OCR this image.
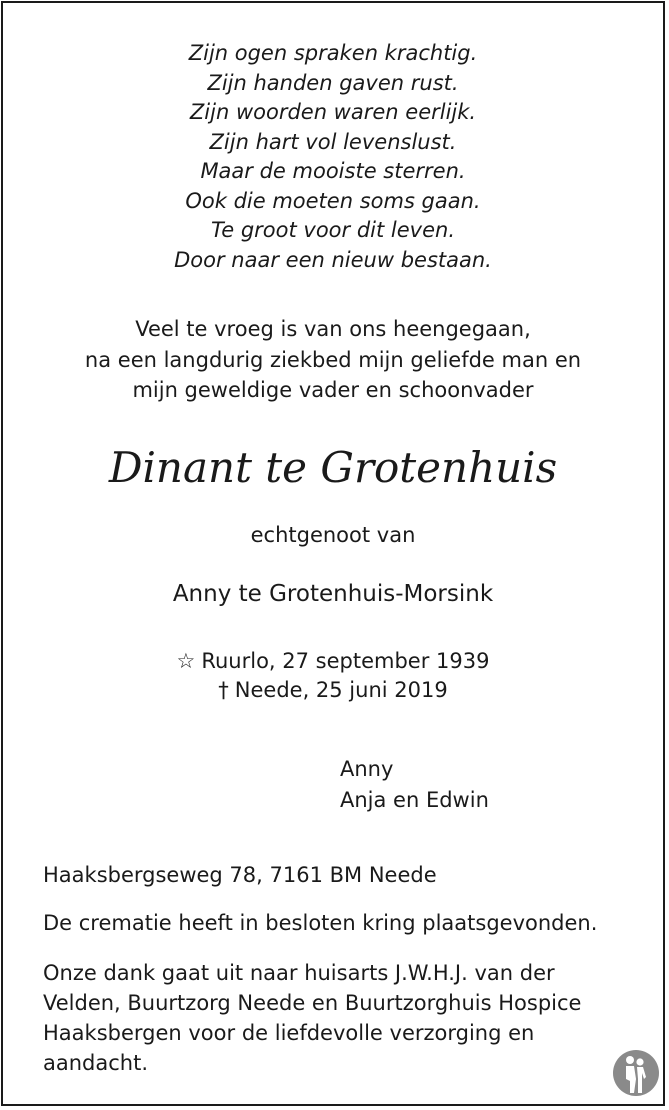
Zijn ogen spraken krachtig.
Zijn handen gaven rust.
Zijn woorden waren eerlijk.
Zijn hart vol levenslust.
Maar de mooiste sterren.
Ook die moeten soms gaan.
Te groot voor dit leven.
Door naar een nieuw bestaan.
Veel te vroeg is van ons heengegaan,
na een langdurig ziekbed mijn geliefde man en
mijn geweldige vader en schoonvader
Dinant te Grotenhuis
echtgenoot van
Anny te Grotenhuis-Morsink
☆ Ruurlo, 27 september 1939
† Neede, 25 juni 2019
Anny
Anja en Edwin
Haaksbergseweg 78, 7161 BM Neede
De crematie heeft in besloten kring plaatsgevonden.
Onze dank gaat uit naar huisarts J.W.H.J. van der
Velden, Buurtzorg Neede en Buurtzorghuis Hospice
Haaksbergen voor de liefdevolle verzorging en
aandacht.
